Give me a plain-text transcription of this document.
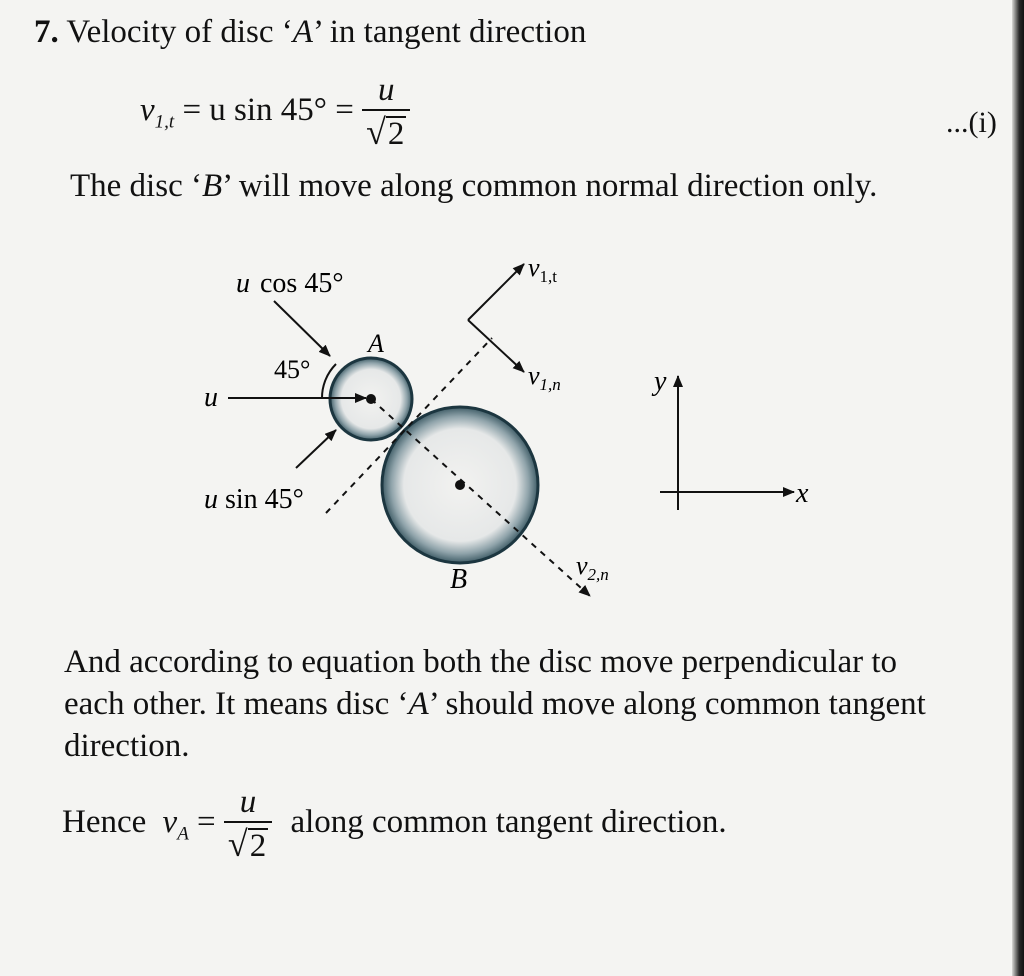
7. Velocity of disc ‘A’ in tangent direction
$v_{1,t} = u$ $\sin 45^\circ = \frac{u}{√2}$	...(i)
The disc ‘B’ will move along common normal direction only.
u cos 45°
45°
A
u
u sin 45°
B
$v_{1,t}$
$v_{1,n}$
$v_{2,n}$
y
x
And according to equation both the disc move perpendicular to
each other. It means disc ‘A’ should move along common tangent
direction.
Hence $v_A = \frac{u}{√2}$ along common tangent direction.
